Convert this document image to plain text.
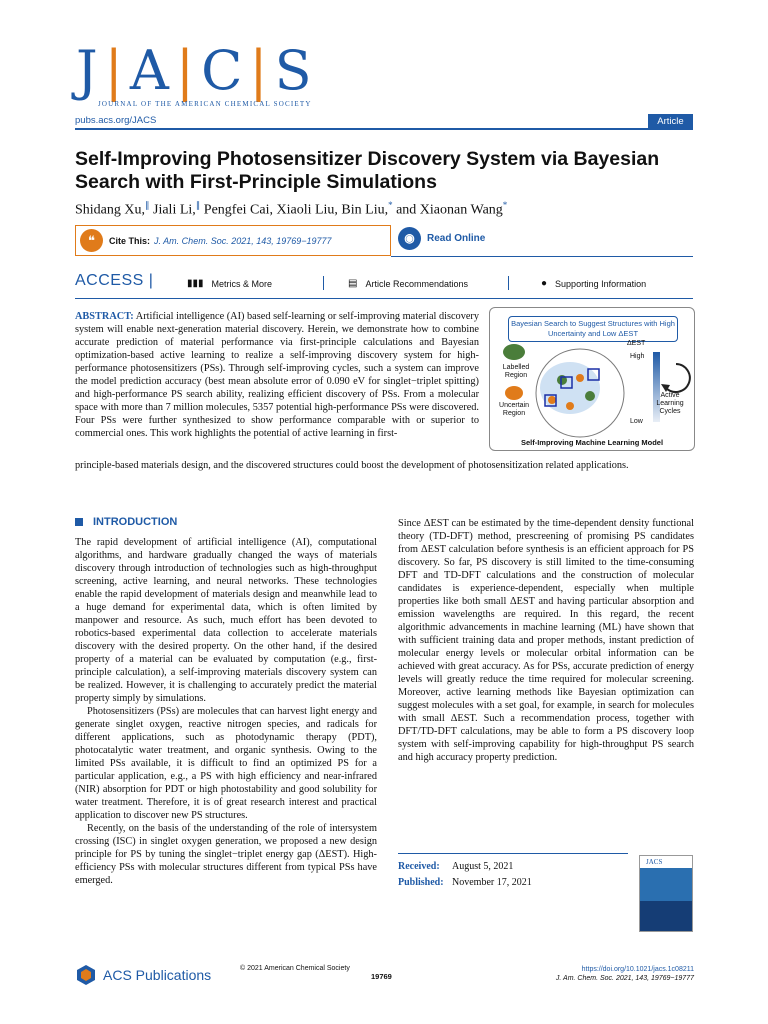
J | A | C | S
JOURNAL OF THE AMERICAN CHEMICAL SOCIETY
pubs.acs.org/JACS	Article
Self-Improving Photosensitizer Discovery System via Bayesian Search with First-Principle Simulations
Shidang Xu,∥ Jiali Li,∥ Pengfei Cai, Xiaoli Liu, Bin Liu,* and Xiaonan Wang*
❝	Cite This: J. Am. Chem. Soc. 2021, 143, 19769−19777	◉	Read Online
ACCESS |	▮▮▮ Metrics & More	▤ Article Recommendations	● Supporting Information
ABSTRACT: Artificial intelligence (AI) based self-learning or self-improving material discovery system will enable next-generation material discovery. Herein, we demonstrate how to combine accurate prediction of material performance via first-principle calculations and Bayesian optimization-based active learning to realize a self-improving discovery system for high-performance photosensitizers (PSs). Through self-improving cycles, such a system can improve the model prediction accuracy (best mean absolute error of 0.090 eV for singlet−triplet spitting) and high-performance PS search ability, realizing efficient discovery of PSs. From a molecular space with more than 7 million molecules, 5357 potential high-performance PSs were discovered. Four PSs were further synthesized to show performance comparable with or superior to commercial ones. This work highlights the potential of active learning in first-
principle-based materials design, and the discovered structures could boost the development of photosensitization related applications.
Bayesian Search to Suggest Structures with High Uncertainty and Low ΔEST
ΔEST
High
Low
Labelled Region
Uncertain Region
Active Learning Cycles
Self-Improving Machine Learning Model
INTRODUCTION

The rapid development of artificial intelligence (AI), computational algorithms, and hardware gradually changed the ways of materials discovery through introduction of technologies such as high-throughput screening, active learning, and neural networks. These technologies enable the rapid development of materials design and meanwhile lead to a huge demand for experimental data, which is often limited by manpower and resource. As such, much effort has been devoted to robotics-based experimental data collection to accelerate materials discovery with the desired property. On the other hand, if the desired property of a material can be evaluated by computation (e.g., first-principle calculation), a self-improving materials discovery system can be realized. However, it is challenging to accurately predict the material property simply by simulations.

Photosensitizers (PSs) are molecules that can harvest light energy and generate singlet oxygen, reactive nitrogen species, and radicals for different applications, such as photodynamic therapy (PDT), photocatalytic water treatment, and organic synthesis. Owing to the limited PSs available, it is difficult to find an optimized PS for a particular application, e.g., a PS with high efficiency and near-infrared (NIR) absorption for PDT or high photostability and good solubility for water treatment. Therefore, it is of great research interest and practical application to discover new PS structures.

Recently, on the basis of the understanding of the role of intersystem crossing (ISC) in singlet oxygen generation, we proposed a new design principle for PS by tuning the singlet−triplet energy gap (ΔEST). High-efficiency PSs with molecular structures different from typical PSs have emerged.

Since ΔEST can be estimated by the time-dependent density functional theory (TD-DFT) method, prescreening of promising PS candidates from ΔEST calculation before synthesis is an efficient approach for PS discovery. So far, PS discovery is still limited to the time-consuming DFT and TD-DFT calculations and the construction of molecular candidates is experience-dependent, especially when multiple properties like both small ΔEST and having particular absorption and emission wavelengths are required. In this regard, the recent algorithmic advancements in machine learning (ML) have shown that with sufficient training data and proper methods, instant prediction of molecular energy levels or molecular orbital information can be achieved with great accuracy. As for PSs, accurate prediction of energy levels will greatly reduce the time required for molecular screening. Moreover, active learning methods like Bayesian optimization can suggest molecules with a set goal, for example, in search for molecules with small ΔEST. Such a recommendation process, together with DFT/TD-DFT calculations, may be able to form a PS discovery loop system with self-improving capability for high-throughput PS search and high accuracy property prediction.

Received: August 5, 2021
Published: November 17, 2021
JACS
ACS Publications	© 2021 American Chemical Society
19769
https://doi.org/10.1021/jacs.1c08211
J. Am. Chem. Soc. 2021, 143, 19769−19777
